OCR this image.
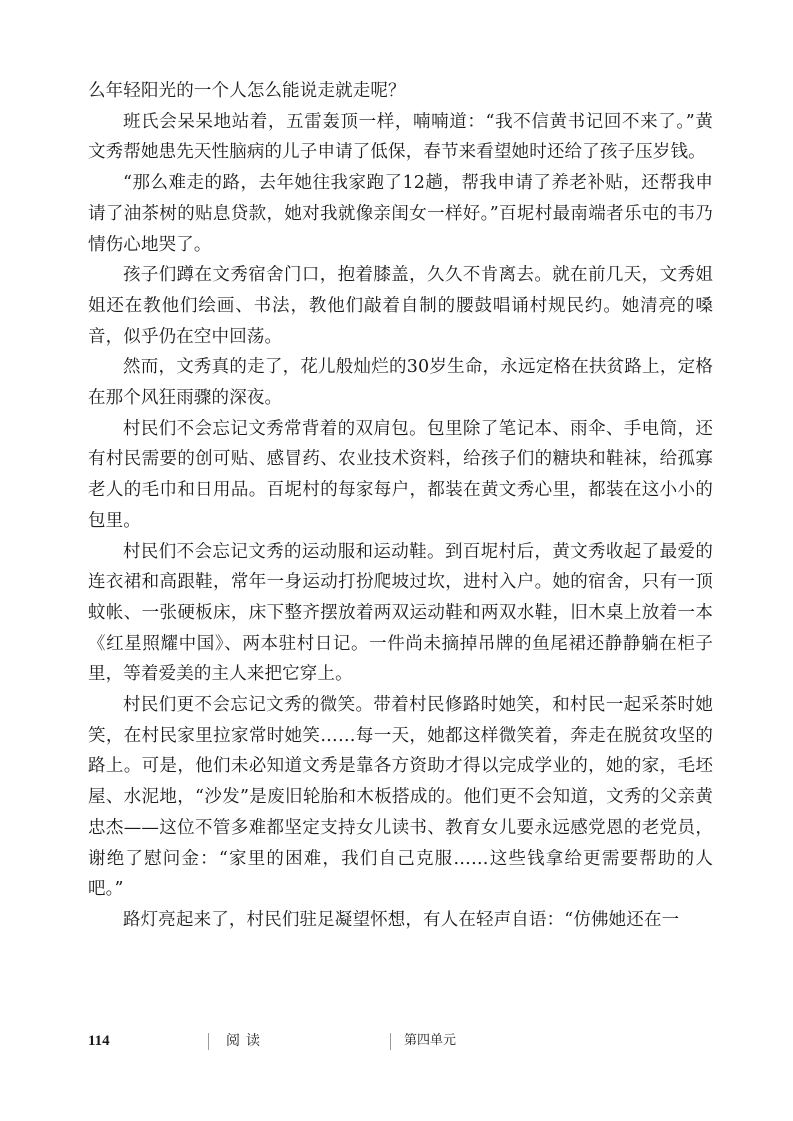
么年轻阳光的一个人怎么能说走就走呢？

班氏会呆呆地站着，五雷轰顶一样，喃喃道：“我不信黄书记回不来了。”黄文秀帮她患先天性脑病的儿子申请了低保，春节来看望她时还给了孩子压岁钱。

“那么难走的路，去年她往我家跑了12趟，帮我申请了养老补贴，还帮我申请了油茶树的贴息贷款，她对我就像亲闺女一样好。”百坭村最南端者乐屯的韦乃情伤心地哭了。

孩子们蹲在文秀宿舍门口，抱着膝盖，久久不肯离去。就在前几天，文秀姐姐还在教他们绘画、书法，教他们敲着自制的腰鼓唱诵村规民约。她清亮的嗓音，似乎仍在空中回荡。

然而，文秀真的走了，花儿般灿烂的30岁生命，永远定格在扶贫路上，定格在那个风狂雨骤的深夜。

村民们不会忘记文秀常背着的双肩包。包里除了笔记本、雨伞、手电筒，还有村民需要的创可贴、感冒药、农业技术资料，给孩子们的糖块和鞋袜，给孤寡老人的毛巾和日用品。百坭村的每家每户，都装在黄文秀心里，都装在这小小的包里。

村民们不会忘记文秀的运动服和运动鞋。到百坭村后，黄文秀收起了最爱的连衣裙和高跟鞋，常年一身运动打扮爬坡过坎，进村入户。她的宿舍，只有一顶蚊帐、一张硬板床，床下整齐摆放着两双运动鞋和两双水鞋，旧木桌上放着一本《红星照耀中国》、两本驻村日记。一件尚未摘掉吊牌的鱼尾裙还静静躺在柜子里，等着爱美的主人来把它穿上。

村民们更不会忘记文秀的微笑。带着村民修路时她笑，和村民一起采茶时她笑，在村民家里拉家常时她笑……每一天，她都这样微笑着，奔走在脱贫攻坚的路上。可是，他们未必知道文秀是靠各方资助才得以完成学业的，她的家，毛坯屋、水泥地，“沙发”是废旧轮胎和木板搭成的。他们更不会知道，文秀的父亲黄忠杰——这位不管多难都坚定支持女儿读书、教育女儿要永远感党恩的老党员，谢绝了慰问金：“家里的困难，我们自己克服……这些钱拿给更需要帮助的人吧。”

路灯亮起来了，村民们驻足凝望怀想，有人在轻声自语：“仿佛她还在一

114	阅读	第四单元
